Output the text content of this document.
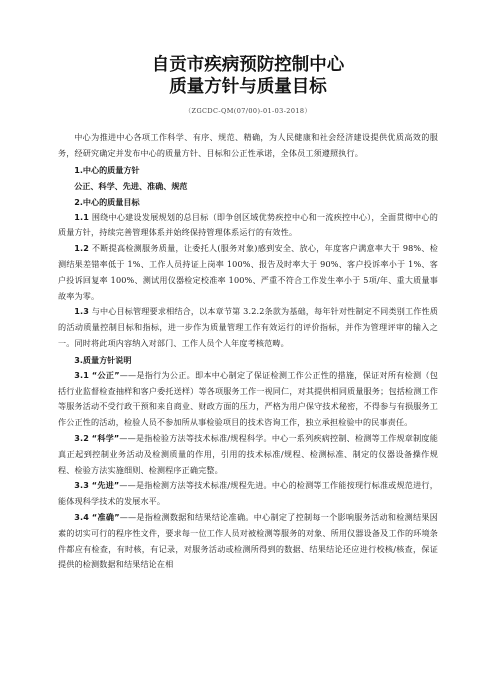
自贡市疾病预防控制中心
质量方针与质量目标
（ZGCDC-QM(07/00)-01-03-2018）

中心为推进中心各项工作科学、有序、规范、精确，为人民健康和社会经济建设提供优质高效的服务，经研究确定并发布中心的质量方针、目标和公正性承诺，全体员工须遵照执行。

1.中心的质量方针

公正、科学、先进、准确、规范

2.中心的质量目标

1.1 围绕中心建设发展规划的总目标（即争创区域优势疾控中心和一流疾控中心），全面贯彻中心的质量方针，持续完善管理体系并始终保持管理体系运行的有效性。

1.2 不断提高检测服务质量，让委托人(服务对象)感到安全、放心，年度客户满意率大于 98%、检测结果差错率低于 1%、工作人员持证上岗率 100%、报告及时率大于 90%、客户投诉率小于 1%、客户投诉回复率 100%、测试用仪器检定校准率 100%、严重不符合工作发生率小于 5项/年、重大质量事故率为零。

1.3 与中心目标管理要求相结合，以本章节第 3.2.2条款为基础，每年针对性制定不同类别工作性质的活动质量控制目标和指标，进一步作为质量管理工作有效运行的评价指标，并作为管理评审的输入之一。同时将此项内容纳入对部门、工作人员个人年度考核范畴。

3.质量方针说明

3.1 “公正”——是指行为公正。即本中心制定了保证检测工作公正性的措施，保证对所有检测（包括行业监督检查抽样和客户委托送样）等各项服务工作一视同仁，对其提供相同质量服务；包括检测工作等服务活动不受行政干预和来自商业、财政方面的压力，严格为用户保守技术秘密，不得参与有损服务工作公正性的活动，检验人员不参加所从事检验项目的技术咨询工作，独立承担检验中的民事责任。

3.2 “科学”——是指检验方法等技术标准/规程科学。中心一系列疾病控制、检测等工作规章制度能真正起到控制业务活动及检测质量的作用，引用的技术标准/规程、检测标准、制定的仪器设备操作规程、检验方法实施细则、检测程序正确完整。

3.3 “先进”——是指检测方法等技术标准/规程先进。中心的检测等工作能按现行标准或规范进行，能体现科学技术的发展水平。

3.4 “准确”——是指检测数据和结果结论准确。中心制定了控制每一个影响服务活动和检测结果因素的切实可行的程序性文件，要求每一位工作人员对被检测等服务的对象、所用仪器设备及工作的环境条件都应有检查，有时核，有记录，对服务活动或检测所得到的数据、结果结论还应进行校核/核查，保证提供的检测数据和结果结论在相
